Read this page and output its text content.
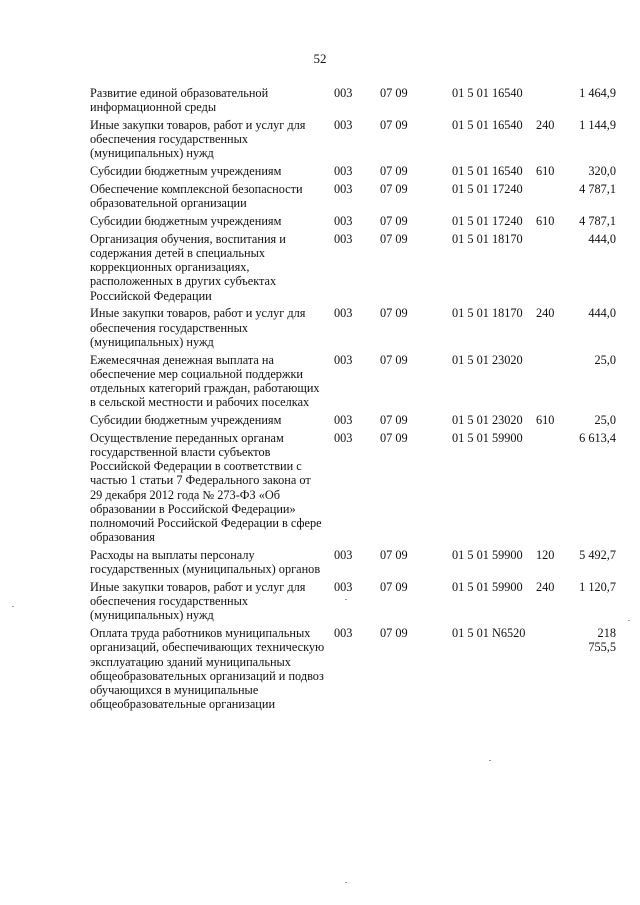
52
Развитие единой образовательной информационной среды
003	07 09	01 5 01 16540	1 464,9
Иные закупки товаров, работ и услуг для обеспечения государственных (муниципальных) нужд
003	07 09	01 5 01 16540	240	1 144,9
Субсидии бюджетным учреждениям	003	07 09	01 5 01 16540	610	320,0
Обеспечение комплексной безопасности образовательной организации
003	07 09	01 5 01 17240	4 787,1
Субсидии бюджетным учреждениям	003	07 09	01 5 01 17240	610	4 787,1
Организация обучения, воспитания и содержания детей в специальных коррекционных организациях, расположенных в других субъектах Российской Федерации
003	07 09	01 5 01 18170	444,0
Иные закупки товаров, работ и услуг для обеспечения государственных (муниципальных) нужд
003	07 09	01 5 01 18170	240	444,0
Ежемесячная денежная выплата на обеспечение мер социальной поддержки отдельных категорий граждан, работающих в сельской местности и рабочих поселках
003	07 09	01 5 01 23020	25,0
Субсидии бюджетным учреждениям	003	07 09	01 5 01 23020	610	25,0
Осуществление переданных органам государственной власти субъектов Российской Федерации в соответствии с частью 1 статьи 7 Федерального закона от 29 декабря 2012 года № 273-ФЗ «Об образовании в Российской Федерации» полномочий Российской Федерации в сфере образования
003	07 09	01 5 01 59900	6 613,4
Расходы на выплаты персоналу государственных (муниципальных) органов
003	07 09	01 5 01 59900	120	5 492,7
Иные закупки товаров, работ и услуг для обеспечения государственных (муниципальных) нужд
003	07 09	01 5 01 59900	240	1 120,7
Оплата труда работников муниципальных организаций, обеспечивающих техническую эксплуатацию зданий муниципальных общеобразовательных организаций и подвоз обучающихся в муниципальные общеобразовательные организации
003	07 09	01 5 01 N6520	218 755,5
